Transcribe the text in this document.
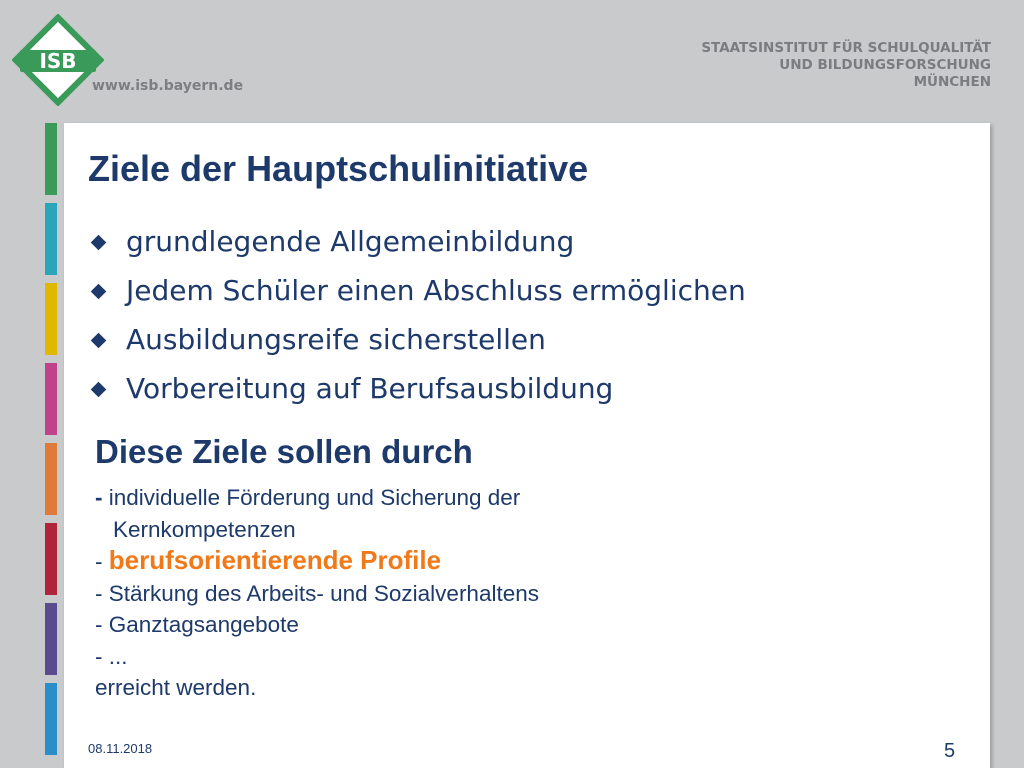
ISB
www.isb.bayern.de
STAATSINSTITUT FÜR SCHULQUALITÄT
UND BILDUNGSFORSCHUNG
MÜNCHEN
Ziele der Hauptschulinitiative
grundlegende Allgemeinbildung
Jedem Schüler einen Abschluss ermöglichen
Ausbildungsreife sicherstellen
Vorbereitung auf Berufsausbildung
Diese Ziele sollen durch
- individuelle Förderung und Sicherung der
Kernkompetenzen
- berufsorientierende Profile
- Stärkung des Arbeits- und Sozialverhaltens
- Ganztagsangebote
- ...
erreicht werden.
08.11.2018	5
